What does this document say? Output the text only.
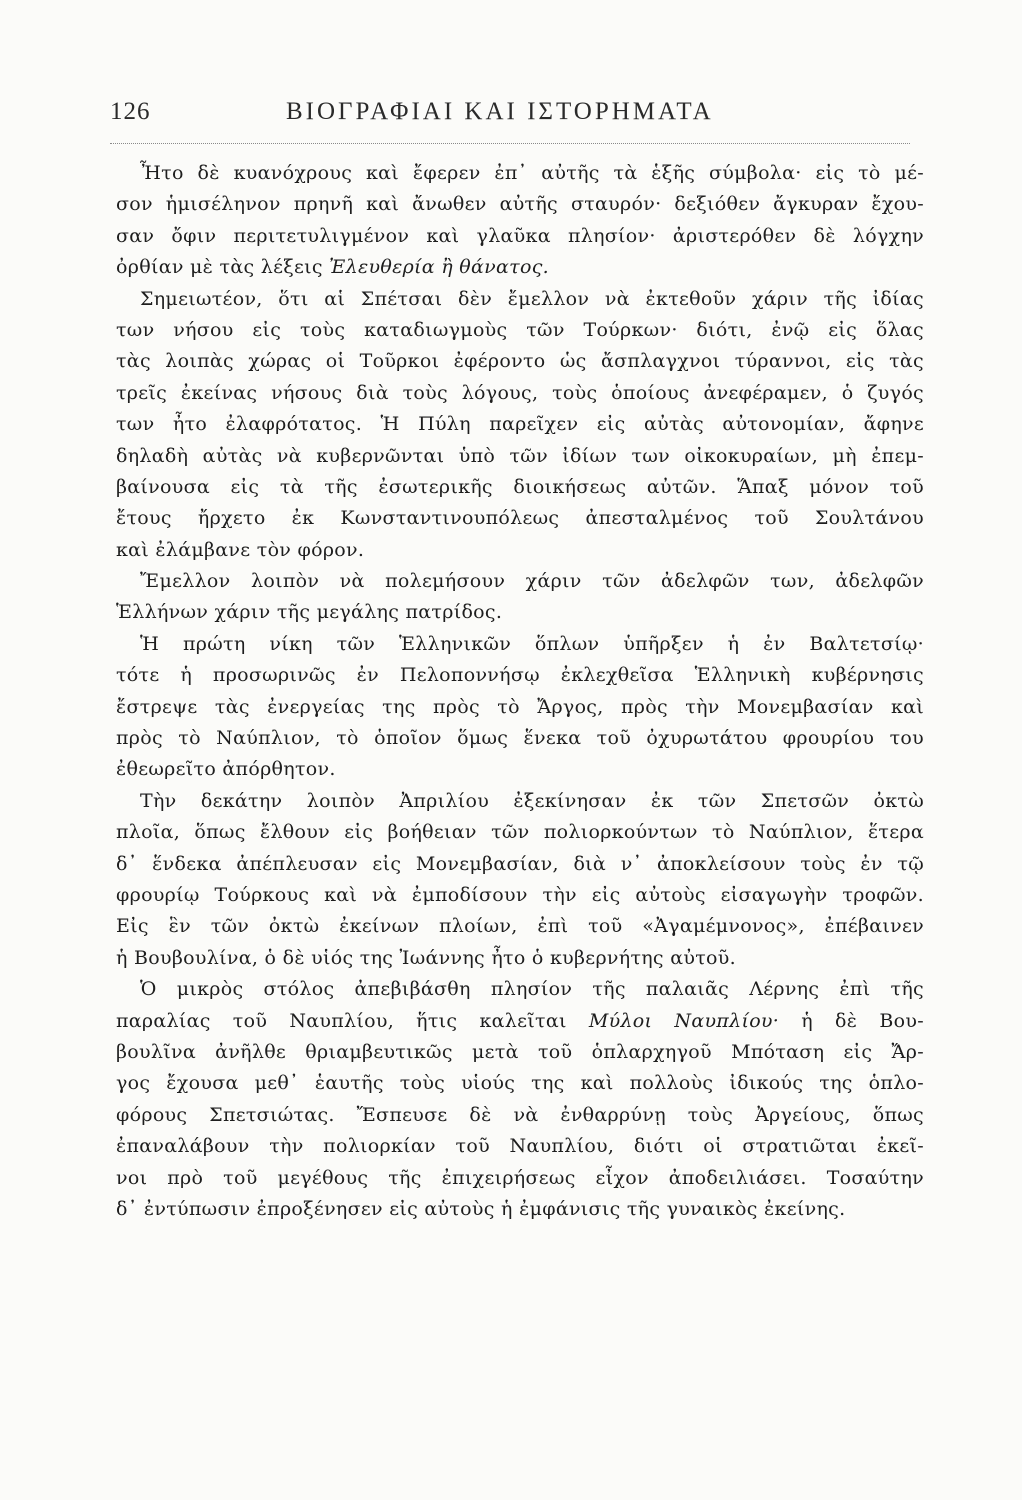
126	ΒΙΟΓΡΑΦΙΑΙ ΚΑΙ ΙΣΤΟΡΗΜΑΤΑ
Ἦτο δὲ κυανόχρους καὶ ἔφερεν ἐπ᾽ αὐτῆς τὰ ἑξῆς σύμβολα· εἰς τὸ μέ-
σον ἡμισέληνον πρηνῆ καὶ ἄνωθεν αὐτῆς σταυρόν· δεξιόθεν ἄγκυραν ἔχου-
σαν ὄφιν περιτετυλιγμένον καὶ γλαῦκα πλησίον· ἀριστερόθεν δὲ λόγχην
ὀρθίαν μὲ τὰς λέξεις Ἐλευθερία ἢ θάνατος.
Σημειωτέον, ὅτι αἱ Σπέτσαι δὲν ἔμελλον νὰ ἐκτεθοῦν χάριν τῆς ἰδίας
των νήσου εἰς τοὺς καταδιωγμοὺς τῶν Τούρκων· διότι, ἐνῷ εἰς ὅλας
τὰς λοιπὰς χώρας οἱ Τοῦρκοι ἐφέροντο ὡς ἄσπλαγχνοι τύραννοι, εἰς τὰς
τρεῖς ἐκείνας νήσους διὰ τοὺς λόγους, τοὺς ὁποίους ἀνεφέραμεν, ὁ ζυγός
των ἦτο ἐλαφρότατος. Ἡ Πύλη παρεῖχεν εἰς αὐτὰς αὐτονομίαν, ἄφηνε
δηλαδὴ αὐτὰς νὰ κυβερνῶνται ὑπὸ τῶν ἰδίων των οἰκοκυραίων, μὴ ἐπεμ-
βαίνουσα εἰς τὰ τῆς ἐσωτερικῆς διοικήσεως αὐτῶν. Ἅπαξ μόνον τοῦ
ἔτους ἤρχετο ἐκ Κωνσταντινουπόλεως ἀπεσταλμένος τοῦ Σουλτάνου
καὶ ἐλάμβανε τὸν φόρον.
Ἔμελλον λοιπὸν νὰ πολεμήσουν χάριν τῶν ἀδελφῶν των, ἀδελφῶν
Ἑλλήνων χάριν τῆς μεγάλης πατρίδος.
Ἡ πρώτη νίκη τῶν Ἑλληνικῶν ὅπλων ὑπῆρξεν ἡ ἐν Βαλτετσίῳ·
τότε ἡ προσωρινῶς ἐν Πελοποννήσῳ ἐκλεχθεῖσα Ἑλληνικὴ κυβέρνησις
ἔστρεψε τὰς ἐνεργείας της πρὸς τὸ Ἄργος, πρὸς τὴν Μονεμβασίαν καὶ
πρὸς τὸ Ναύπλιον, τὸ ὁποῖον ὅμως ἕνεκα τοῦ ὀχυρωτάτου φρουρίου του
ἐθεωρεῖτο ἀπόρθητον.
Τὴν δεκάτην λοιπὸν Ἀπριλίου ἐξεκίνησαν ἐκ τῶν Σπετσῶν ὀκτὼ
πλοῖα, ὅπως ἔλθουν εἰς βοήθειαν τῶν πολιορκούντων τὸ Ναύπλιον, ἕτερα
δ᾽ ἕνδεκα ἀπέπλευσαν εἰς Μονεμβασίαν, διὰ ν᾽ ἀποκλείσουν τοὺς ἐν τῷ
φρουρίῳ Τούρκους καὶ νὰ ἐμποδίσουν τὴν εἰς αὐτοὺς εἰσαγωγὴν τροφῶν.
Εἰς ἓν τῶν ὀκτὼ ἐκείνων πλοίων, ἐπὶ τοῦ «Ἀγαμέμνονος», ἐπέβαινεν
ἡ Βουβουλίνα, ὁ δὲ υἱός της Ἰωάννης ἦτο ὁ κυβερνήτης αὐτοῦ.
Ὁ μικρὸς στόλος ἀπεβιβάσθη πλησίον τῆς παλαιᾶς Λέρνης ἐπὶ τῆς
παραλίας τοῦ Ναυπλίου, ἥτις καλεῖται Μύλοι Ναυπλίου· ἡ δὲ Βου-
βουλῖνα ἀνῆλθε θριαμβευτικῶς μετὰ τοῦ ὁπλαρχηγοῦ Μπόταση εἰς Ἄρ-
γος ἔχουσα μεθ᾽ ἑαυτῆς τοὺς υἱούς της καὶ πολλοὺς ἰδικούς της ὁπλο-
φόρους Σπετσιώτας. Ἔσπευσε δὲ νὰ ἐνθαρρύνῃ τοὺς Ἀργείους, ὅπως
ἐπαναλάβουν τὴν πολιορκίαν τοῦ Ναυπλίου, διότι οἱ στρατιῶται ἐκεῖ-
νοι πρὸ τοῦ μεγέθους τῆς ἐπιχειρήσεως εἶχον ἀποδειλιάσει. Τοσαύτην
δ᾽ ἐντύπωσιν ἐπροξένησεν εἰς αὐτοὺς ἡ ἐμφάνισις τῆς γυναικὸς ἐκείνης.
